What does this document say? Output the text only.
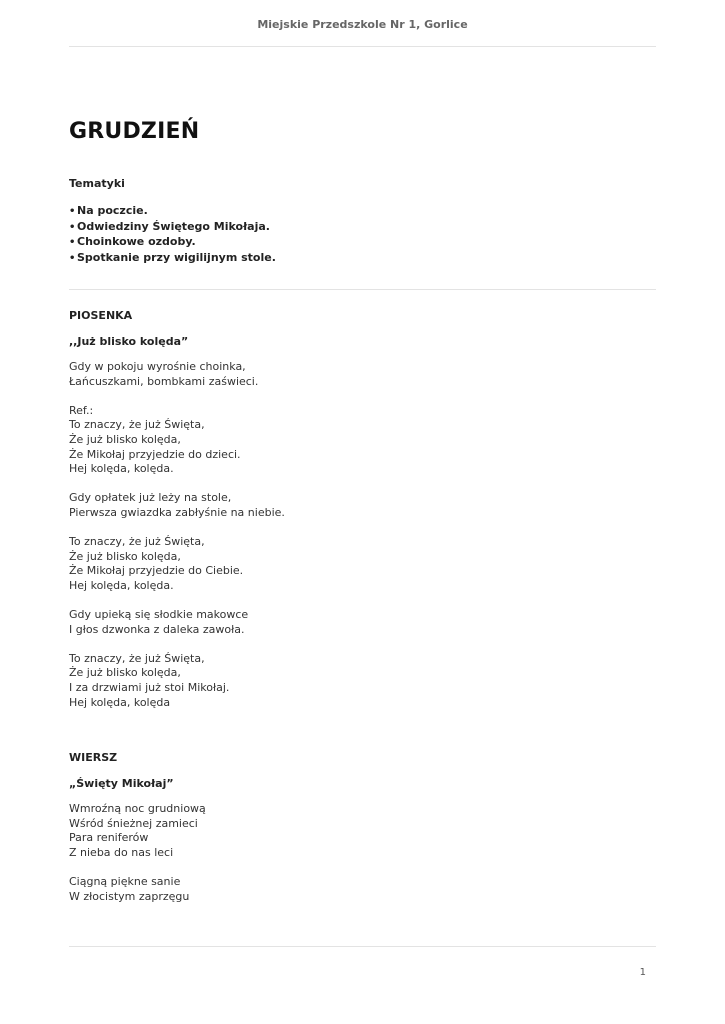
Miejskie Przedszkole Nr 1, Gorlice
GRUDZIEŃ

Tematyki

• Na poczcie.
• Odwiedziny Świętego Mikołaja.
• Choinkowe ozdoby.
• Spotkanie przy wigilijnym stole.

PIOSENKA

,,Już blisko kolęda”

Gdy w pokoju wyrośnie choinka,
Łańcuszkami, bombkami zaświeci.
Ref.:
To znaczy, że już Święta,
Że już blisko kolęda,
Że Mikołaj przyjedzie do dzieci.
Hej kolęda, kolęda.
Gdy opłatek już leży na stole,
Pierwsza gwiazdka zabłyśnie na niebie.
To znaczy, że już Święta,
Że już blisko kolęda,
Że Mikołaj przyjedzie do Ciebie.
Hej kolęda, kolęda.
Gdy upieką się słodkie makowce
I głos dzwonka z daleka zawoła.
To znaczy, że już Święta,
Że już blisko kolęda,
I za drzwiami już stoi Mikołaj.
Hej kolęda, kolęda

WIERSZ

„Święty Mikołaj”

Wmroźną noc grudniową
Wśród śnieżnej zamieci
Para reniferów
Z nieba do nas leci
Ciągną piękne sanie
W złocistym zaprzęgu
1
